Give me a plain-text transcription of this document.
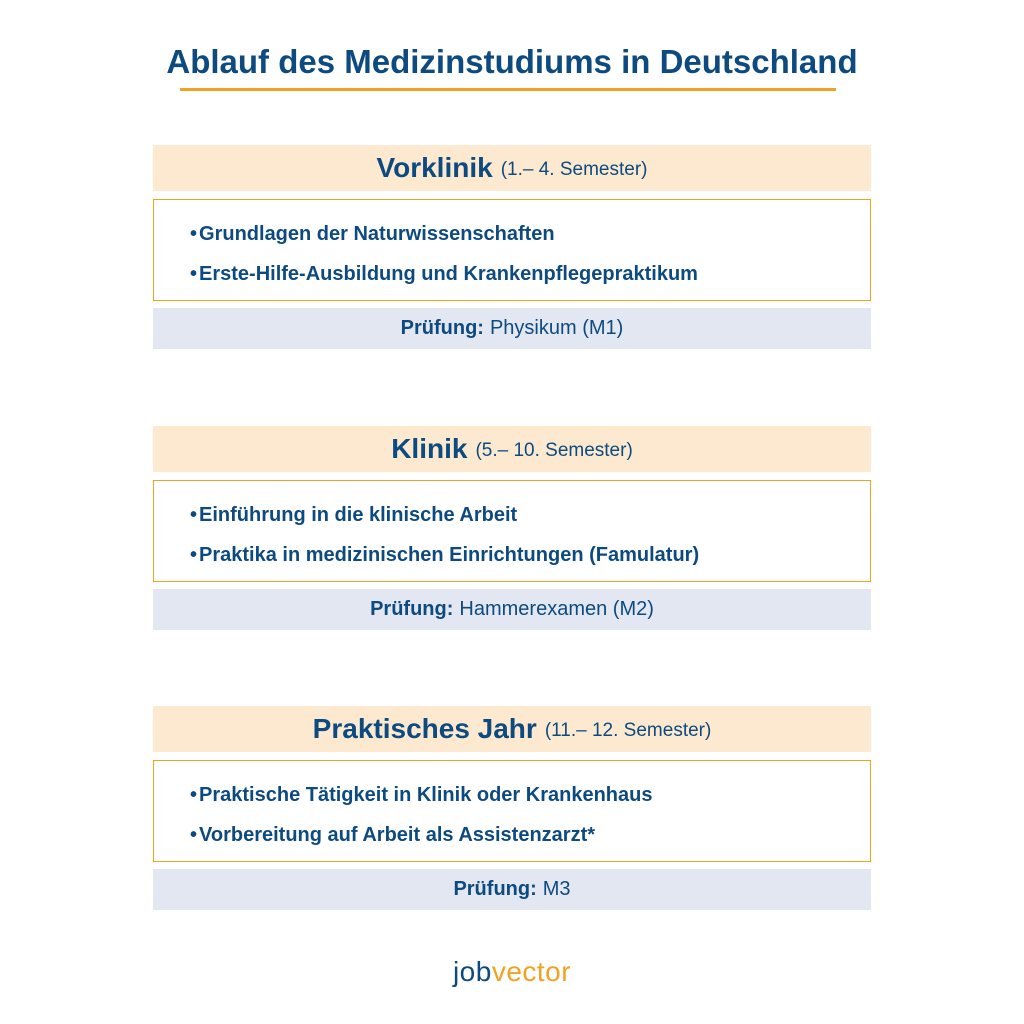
Ablauf des Medizinstudiums in Deutschland
Vorklinik (1.– 4. Semester)
• Grundlagen der Naturwissenschaften
• Erste-Hilfe-Ausbildung und Krankenpflegepraktikum
Prüfung: Physikum (M1)
Klinik (5.– 10. Semester)
• Einführung in die klinische Arbeit
• Praktika in medizinischen Einrichtungen (Famulatur)
Prüfung: Hammerexamen (M2)
Praktisches Jahr (11.– 12. Semester)
• Praktische Tätigkeit in Klinik oder Krankenhaus
• Vorbereitung auf Arbeit als Assistenzarzt*
Prüfung: M3
jobvector
